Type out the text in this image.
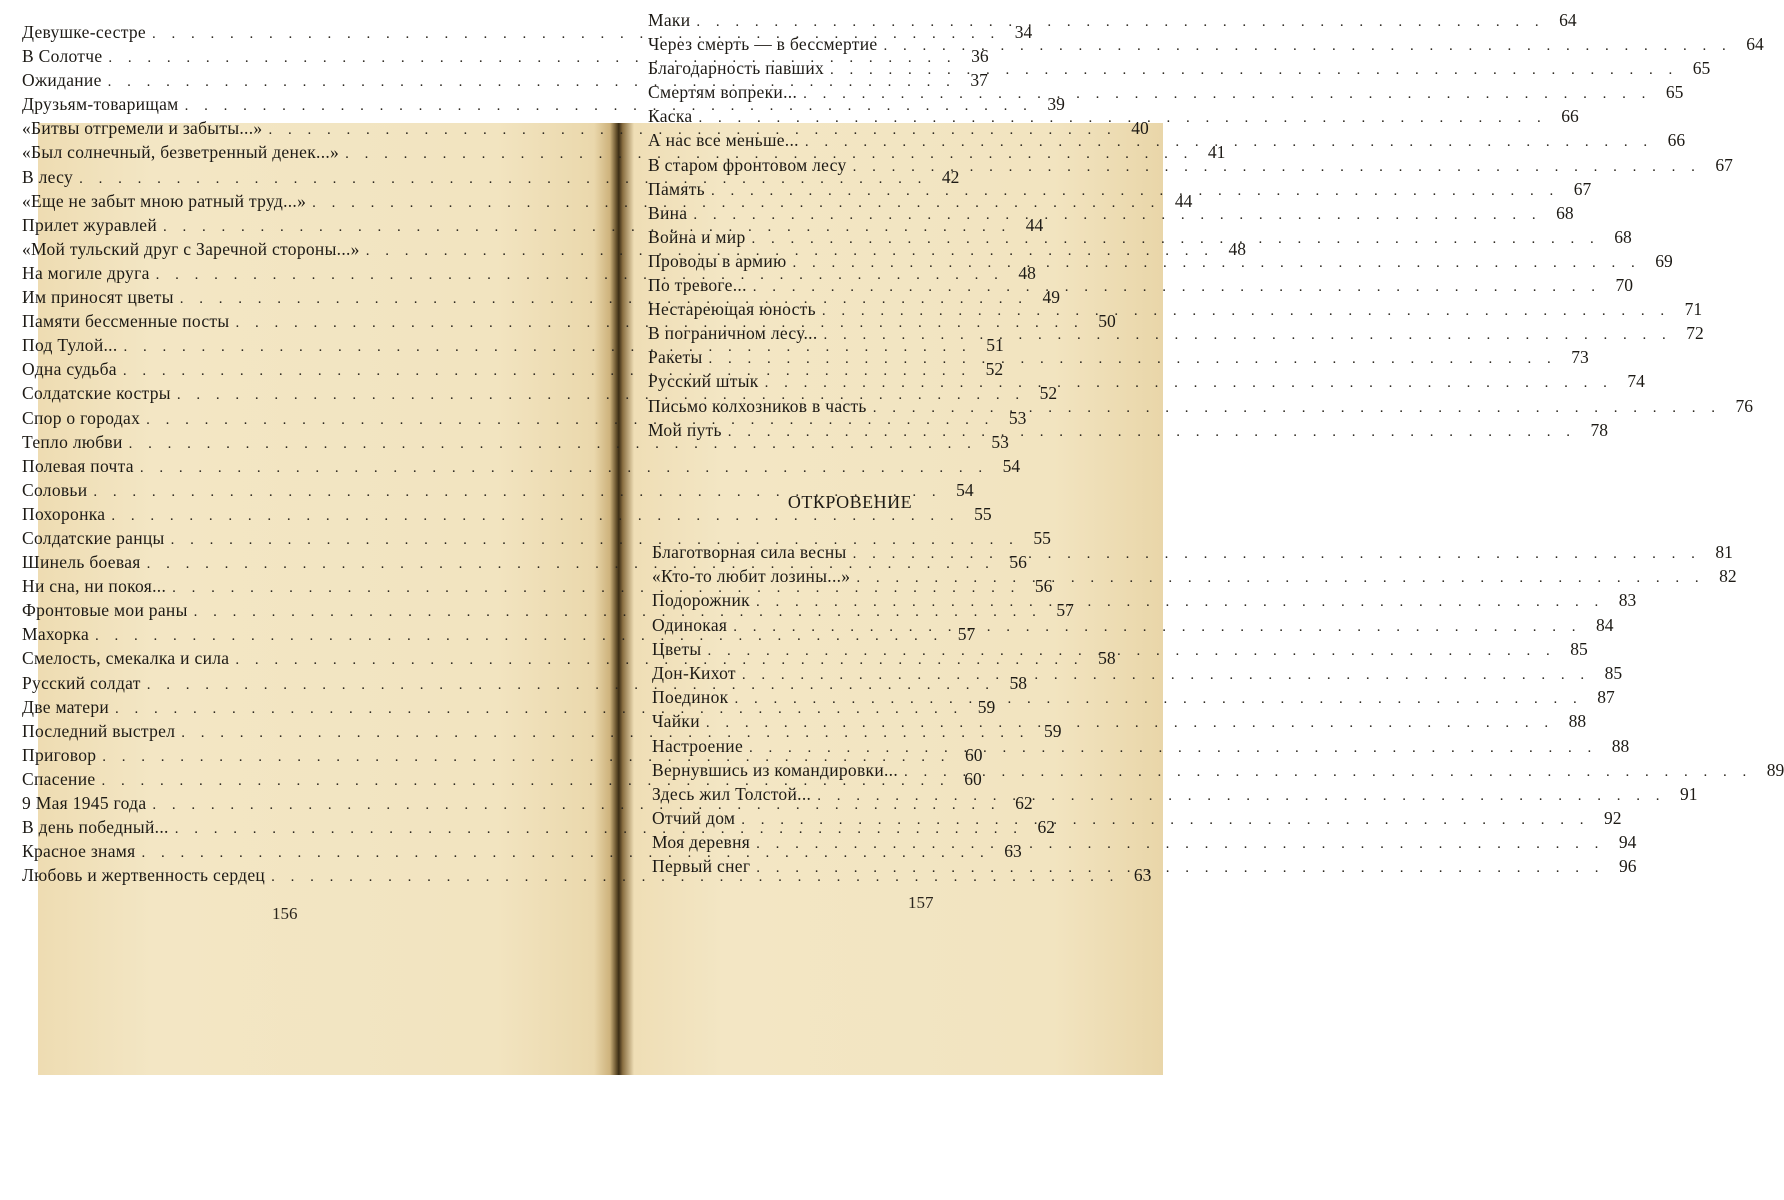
Девушке-сестре . . .	34
В Солотче . . .	36
Ожидание . . .	37
Друзьям-товарищам . . .	39
«Битвы отгремели и забыты...» . . .	40
«Был солнечный, безветренный денек...» . . .	41
В лесу . . .	42
«Еще не забыт мною ратный труд...» . . .	44
Прилет журавлей . . .	44
«Мой тульский друг с Заречной стороны...» . . .	48
На могиле друга . . .	48
Им приносят цветы . . .	49
Памяти бессменные посты . . .	50
Под Тулой... . . .	51
Одна судьба . . .	52
Солдатские костры . . .	52
Спор о городах . . .	53
Тепло любви . . .	53
Полевая почта . . .	54
Соловьи . . .	54
Похоронка . . .	55
Солдатские ранцы . . .	55
Шинель боевая . . .	56
Ни сна, ни покоя... . . .	56
Фронтовые мои раны . . .	57
Махорка . . .	57
Смелость, смекалка и сила . . .	58
Русский солдат . . .	58
Две матери . . .	59
Последний выстрел . . .	59
Приговор . . .	60
Спасение . . .	60
9 Мая 1945 года . . .	62
В день победный... . . .	62
Красное знамя . . .	63
Любовь и жертвенность сердец . . .	63
Маки . . .	64
Через смерть — в бессмертие . . .	64
Благодарность павших . . .	65
Смертям вопреки... . . .	65
Каска . . .	66
А нас все меньше... . . .	66
В старом фронтовом лесу . . .	67
Память . . .	67
Вина . . .	68
Война и мир . . .	68
Проводы в армию . . .	69
По тревоге... . . .	70
Нестареющая юность . . .	71
В пограничном лесу... . . .	72
Ракеты . . .	73
Русский штык . . .	74
Письмо колхозников в часть . . .	76
Мой путь . . .	78
ОТКРОВЕНИЕ
Благотворная сила весны . . .	81
«Кто-то любит лозины...» . . .	82
Подорожник . . .	83
Одинокая . . .	84
Цветы . . .	85
Дон-Кихот . . .	85
Поединок . . .	87
Чайки . . .	88
Настроение . . .	88
Вернувшись из командировки... . . .	89
Здесь жил Толстой... . . .	91
Отчий дом . . .	92
Моя деревня . . .	94
Первый снег . . .	96
156
157
